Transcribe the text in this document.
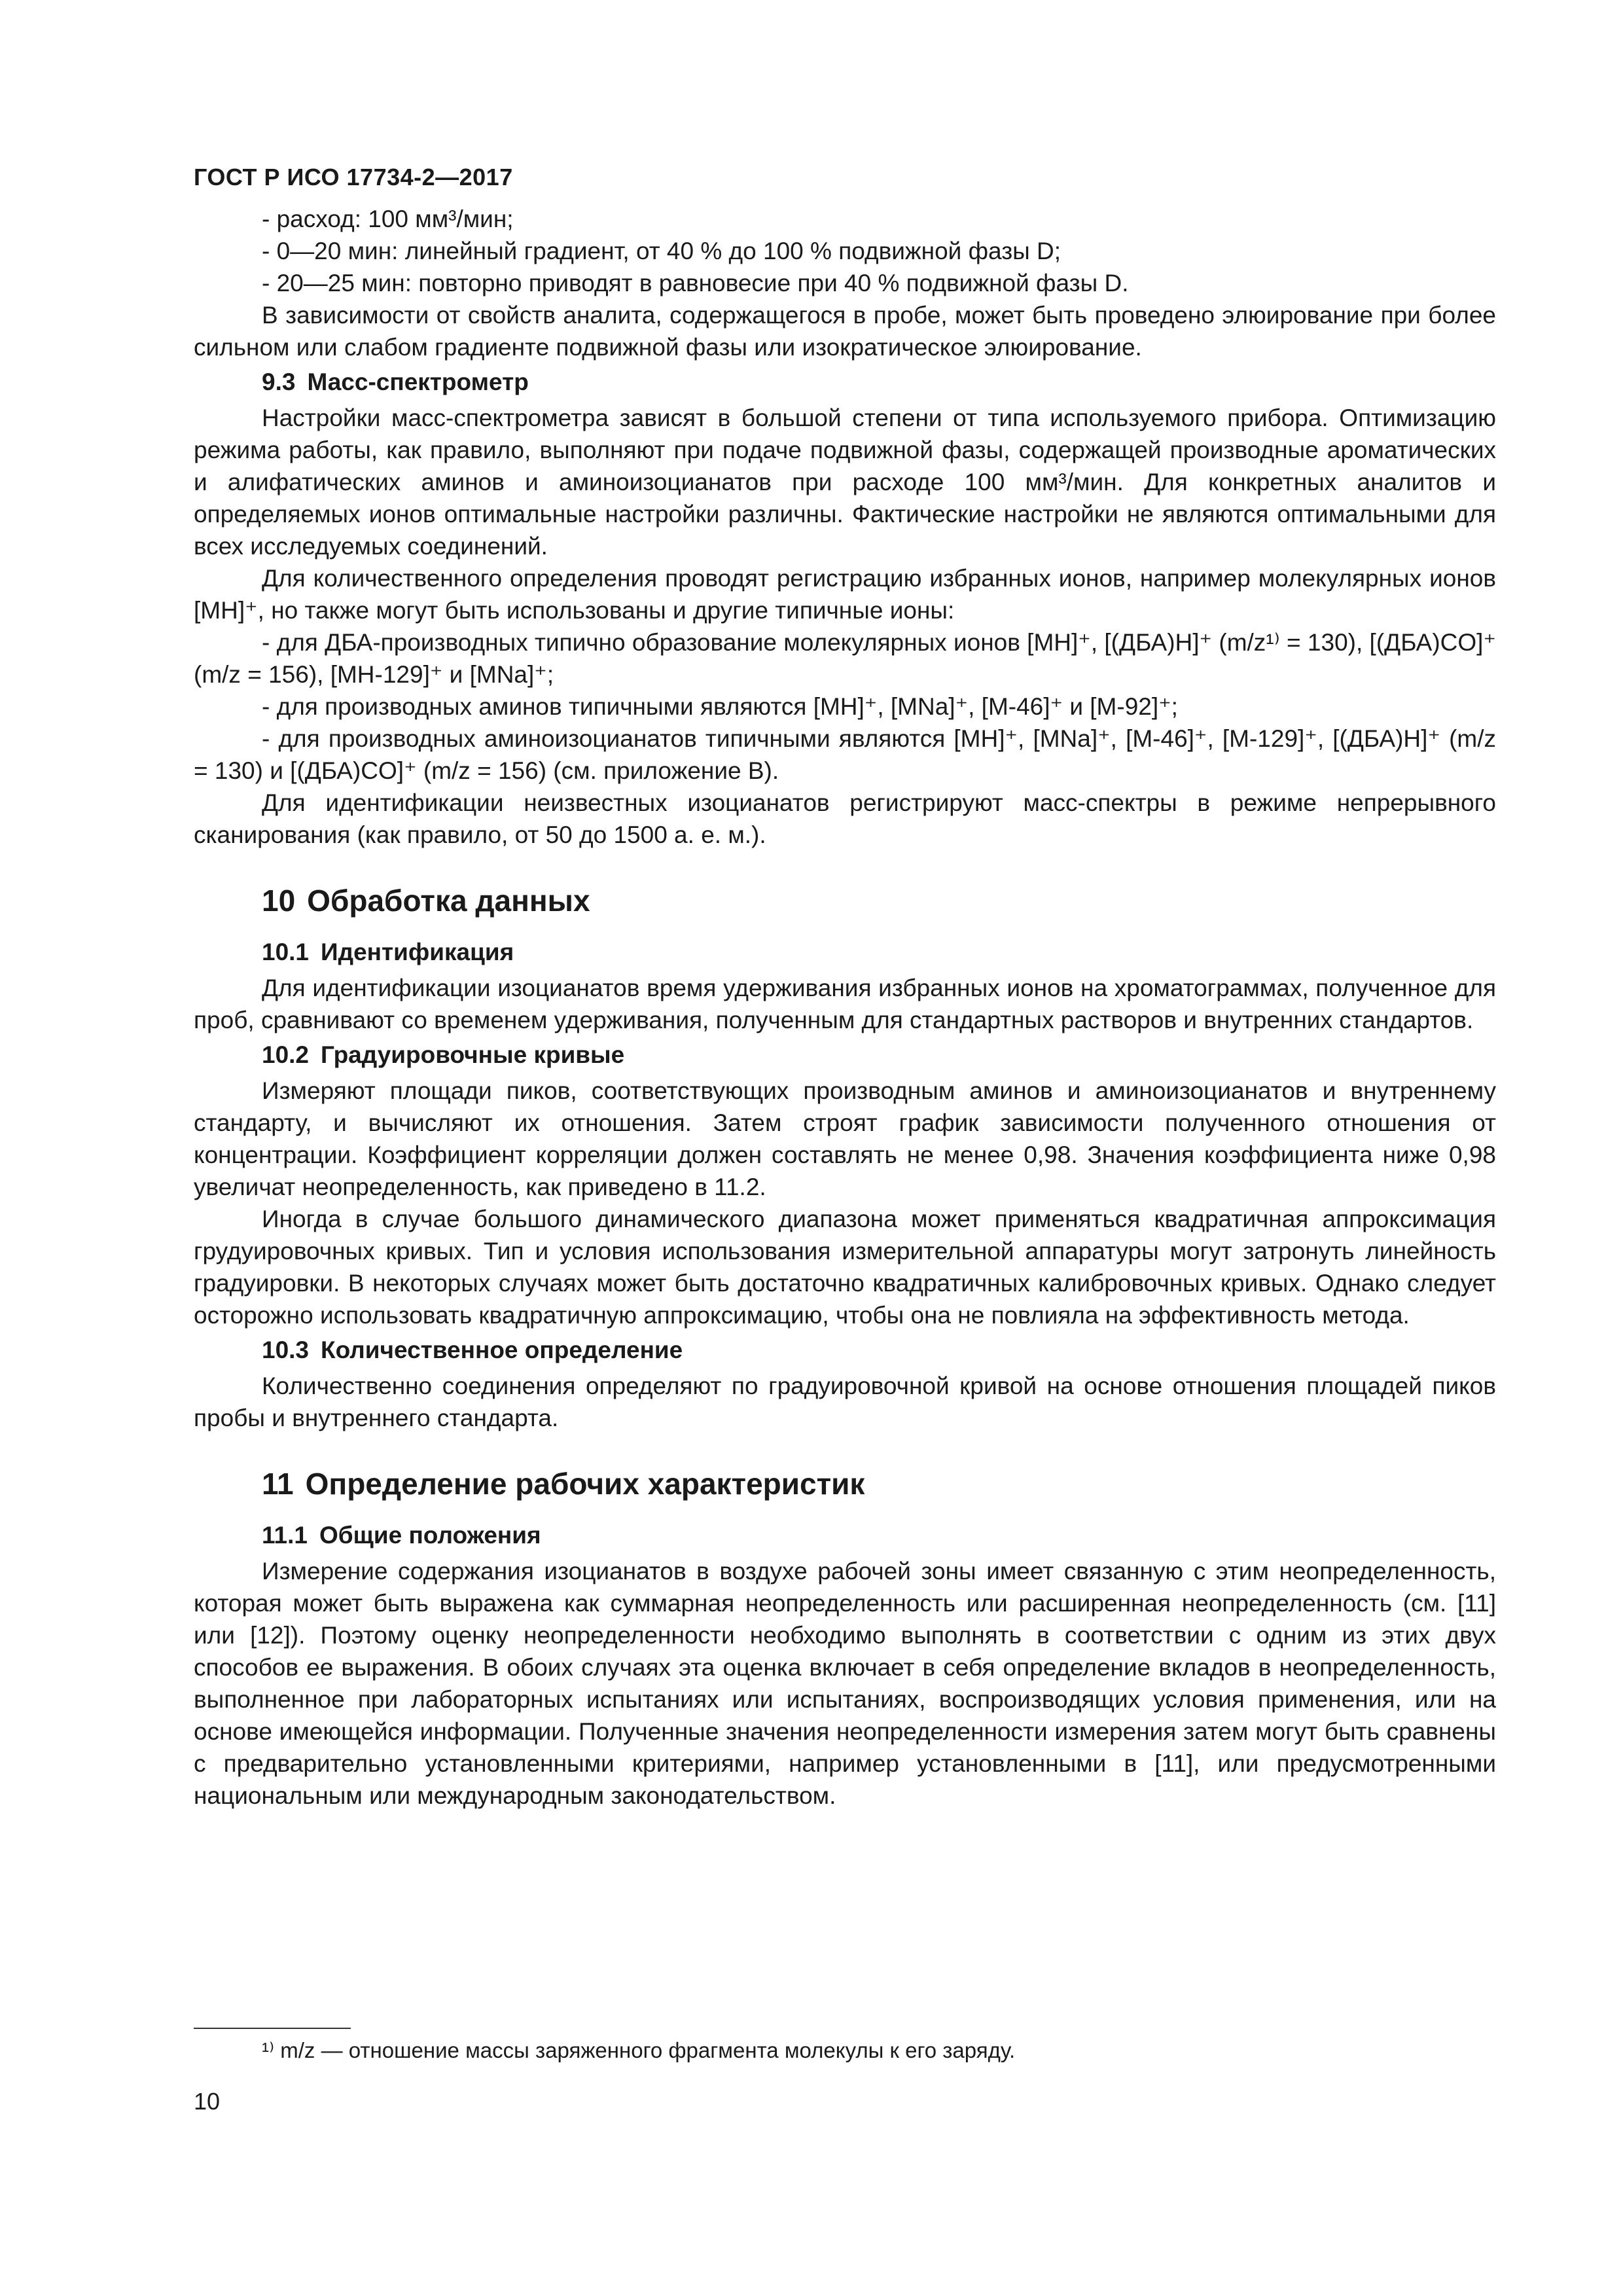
ГОСТ Р ИСО 17734-2—2017

- расход: 100 мм³/мин;

- 0—20 мин: линейный градиент, от 40 % до 100 % подвижной фазы D;

- 20—25 мин: повторно приводят в равновесие при 40 % подвижной фазы D.

В зависимости от свойств аналита, содержащегося в пробе, может быть проведено элюирование при более сильном или слабом градиенте подвижной фазы или изократическое элюирование.

9.3 Масс-спектрометр

Настройки масс-спектрометра зависят в большой степени от типа используемого прибора. Оптимизацию режима работы, как правило, выполняют при подаче подвижной фазы, содержащей производные ароматических и алифатических аминов и аминоизоцианатов при расходе 100 мм³/мин. Для конкретных аналитов и определяемых ионов оптимальные настройки различны. Фактические настройки не являются оптимальными для всех исследуемых соединений.

Для количественного определения проводят регистрацию избранных ионов, например молекулярных ионов [MH]⁺, но также могут быть использованы и другие типичные ионы:

- для ДБА-производных типично образование молекулярных ионов [MH]⁺, [(ДБА)H]⁺ (m/z¹⁾ = 130), [(ДБА)CO]⁺ (m/z = 156), [MH-129]⁺ и [MNa]⁺;

- для производных аминов типичными являются [MH]⁺, [MNa]⁺, [M-46]⁺ и [M-92]⁺;

- для производных аминоизоцианатов типичными являются [MH]⁺, [MNa]⁺, [M-46]⁺, [M-129]⁺, [(ДБА)H]⁺ (m/z = 130) и [(ДБА)CO]⁺ (m/z = 156) (см. приложение B).

Для идентификации неизвестных изоцианатов регистрируют масс-спектры в режиме непрерывного сканирования (как правило, от 50 до 1500 а. е. м.).

10 Обработка данных
10.1 Идентификация

Для идентификации изоцианатов время удерживания избранных ионов на хроматограммах, полученное для проб, сравнивают со временем удерживания, полученным для стандартных растворов и внутренних стандартов.

10.2 Градуировочные кривые

Измеряют площади пиков, соответствующих производным аминов и аминоизоцианатов и внутреннему стандарту, и вычисляют их отношения. Затем строят график зависимости полученного отношения от концентрации. Коэффициент корреляции должен составлять не менее 0,98. Значения коэффициента ниже 0,98 увеличат неопределенность, как приведено в 11.2.

Иногда в случае большого динамического диапазона может применяться квадратичная аппроксимация грудуировочных кривых. Тип и условия использования измерительной аппаратуры могут затронуть линейность градуировки. В некоторых случаях может быть достаточно квадратичных калибровочных кривых. Однако следует осторожно использовать квадратичную аппроксимацию, чтобы она не повлияла на эффективность метода.

10.3 Количественное определение

Количественно соединения определяют по градуировочной кривой на основе отношения площадей пиков пробы и внутреннего стандарта.

11 Определение рабочих характеристик
11.1 Общие положения

Измерение содержания изоцианатов в воздухе рабочей зоны имеет связанную с этим неопределенность, которая может быть выражена как суммарная неопределенность или расширенная неопределенность (см. [11] или [12]). Поэтому оценку неопределенности необходимо выполнять в соответствии с одним из этих двух способов ее выражения. В обоих случаях эта оценка включает в себя определение вкладов в неопределенность, выполненное при лабораторных испытаниях или испытаниях, воспроизводящих условия применения, или на основе имеющейся информации. Полученные значения неопределенности измерения затем могут быть сравнены с предварительно установленными критериями, например установленными в [11], или предусмотренными национальным или международным законодательством.

¹⁾ m/z — отношение массы заряженного фрагмента молекулы к его заряду.
10
